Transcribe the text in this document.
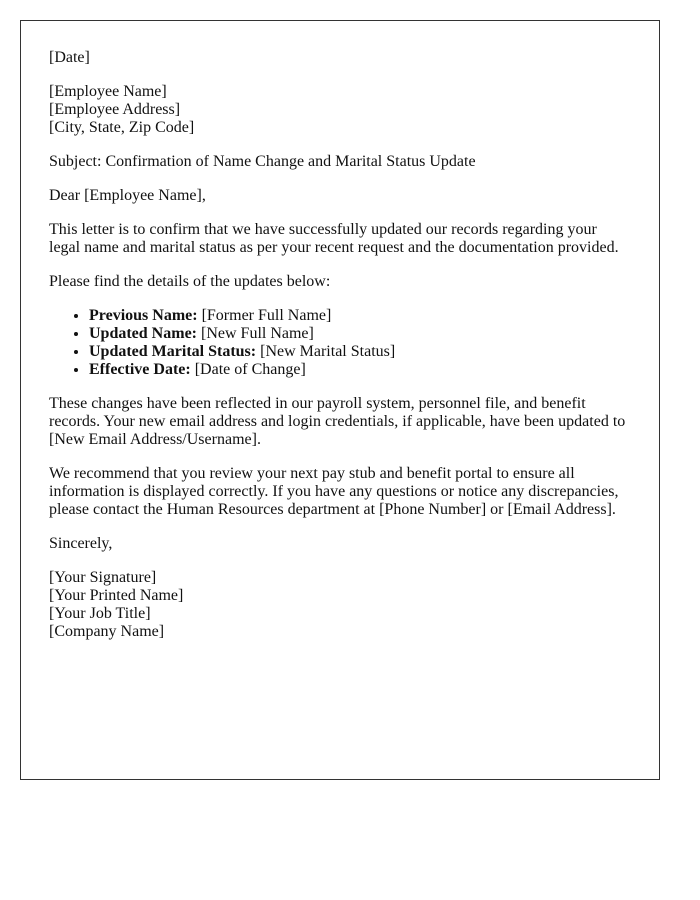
[Date]

[Employee Name]
[Employee Address]
[City, State, Zip Code]

Subject: Confirmation of Name Change and Marital Status Update

Dear [Employee Name],

This letter is to confirm that we have successfully updated our records regarding your legal name and marital status as per your recent request and the documentation provided.

Please find the details of the updates below:

• Previous Name: [Former Full Name]
• Updated Name: [New Full Name]
• Updated Marital Status: [New Marital Status]
• Effective Date: [Date of Change]

These changes have been reflected in our payroll system, personnel file, and benefit records. Your new email address and login credentials, if applicable, have been updated to [New Email Address/Username].

We recommend that you review your next pay stub and benefit portal to ensure all information is displayed correctly. If you have any questions or notice any discrepancies, please contact the Human Resources department at [Phone Number] or [Email Address].

Sincerely,

[Your Signature]
[Your Printed Name]
[Your Job Title]
[Company Name]
